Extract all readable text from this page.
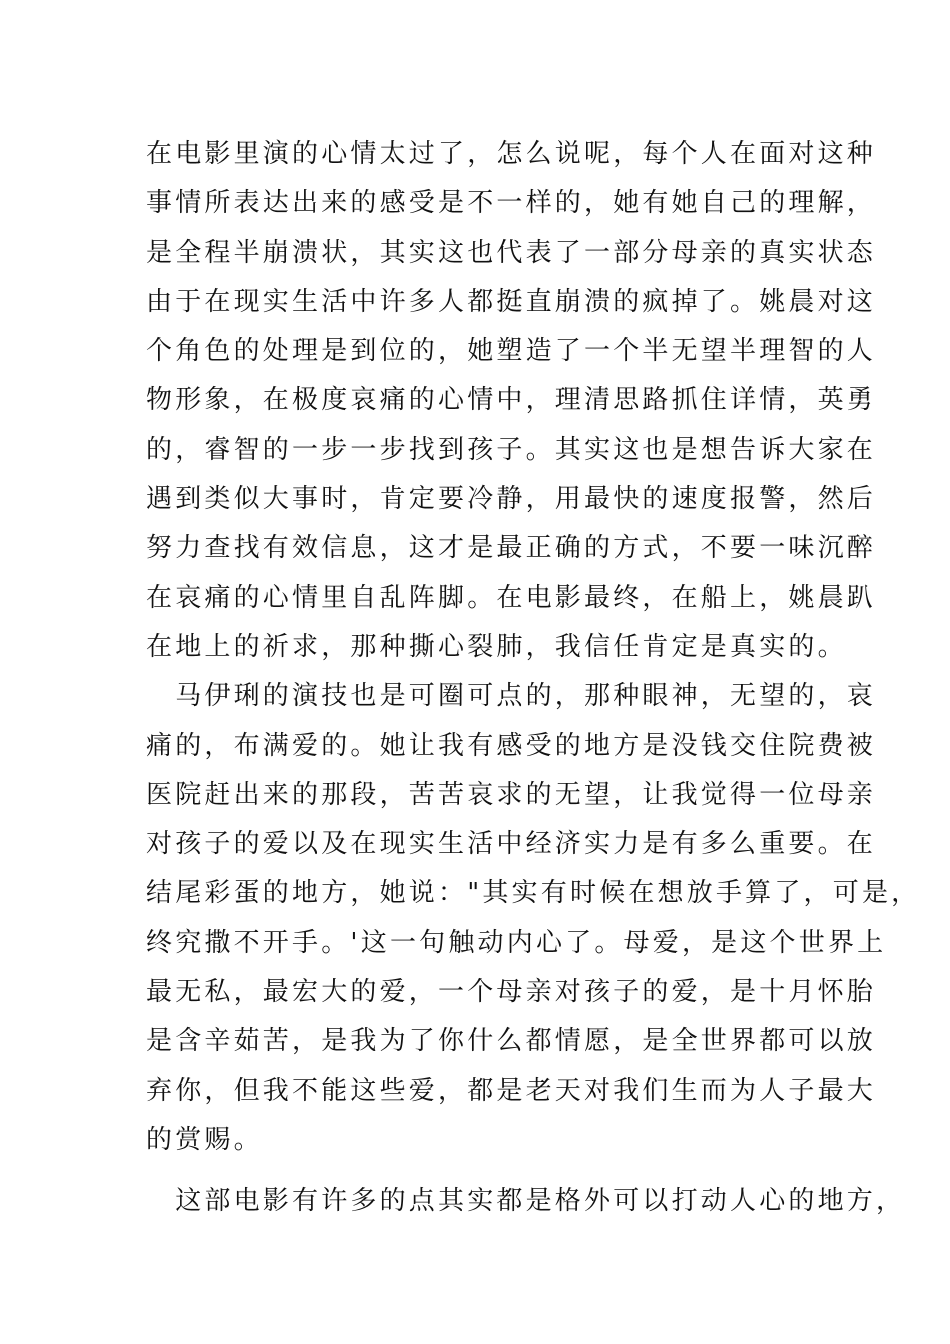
在电影里演的心情太过了，怎么说呢，每个人在面对这种
事情所表达出来的感受是不一样的，她有她自己的理解，
是全程半崩溃状，其实这也代表了一部分母亲的真实状态
由于在现实生活中许多人都挺直崩溃的疯掉了。姚晨对这
个角色的处理是到位的，她塑造了一个半无望半理智的人
物形象，在极度哀痛的心情中，理清思路抓住详情，英勇
的，睿智的一步一步找到孩子。其实这也是想告诉大家在
遇到类似大事时，肯定要冷静，用最快的速度报警，然后
努力查找有效信息，这才是最正确的方式，不要一味沉醉
在哀痛的心情里自乱阵脚。在电影最终，在船上，姚晨趴
在地上的祈求，那种撕心裂肺，我信任肯定是真实的。
　马伊琍的演技也是可圈可点的，那种眼神，无望的，哀
痛的，布满爱的。她让我有感受的地方是没钱交住院费被
医院赶出来的那段，苦苦哀求的无望，让我觉得一位母亲
对孩子的爱以及在现实生活中经济实力是有多么重要。在
结尾彩蛋的地方，她说："其实有时候在想放手算了，可是，
终究撒不开手。'这一句触动内心了。母爱，是这个世界上
最无私，最宏大的爱，一个母亲对孩子的爱，是十月怀胎
是含辛茹苦，是我为了你什么都情愿，是全世界都可以放
弃你，但我不能这些爱，都是老天对我们生而为人子最大
的赏赐。
　这部电影有许多的点其实都是格外可以打动人心的地方，
